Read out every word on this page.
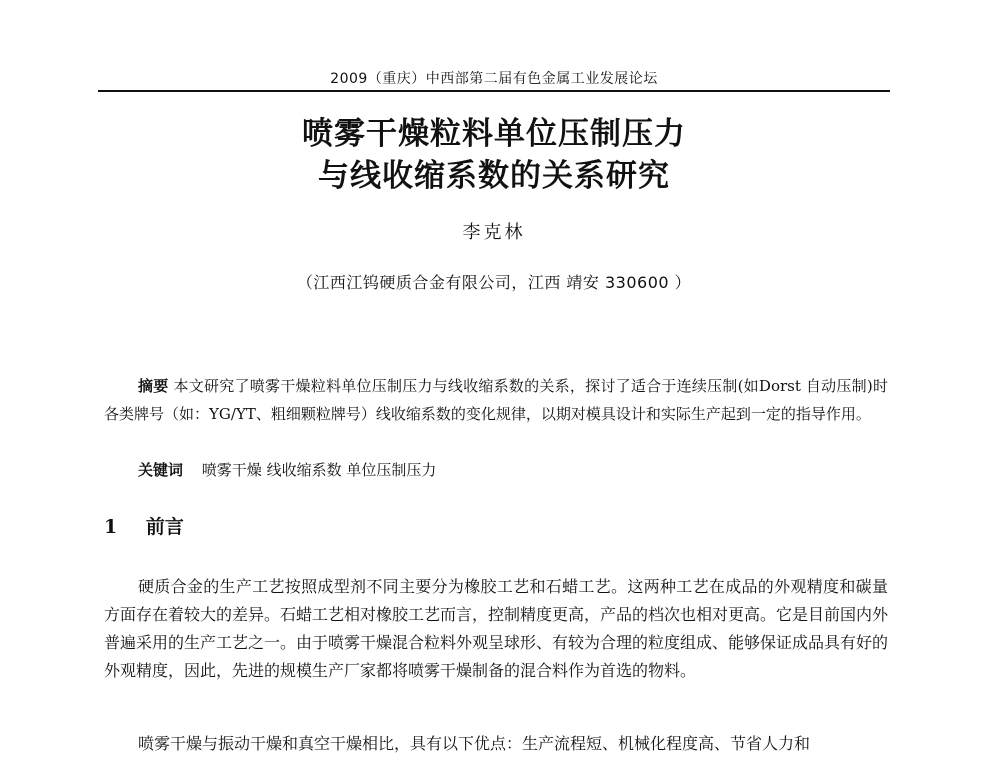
2009（重庆）中西部第二届有色金属工业发展论坛
喷雾干燥粒料单位压制压力
与线收缩系数的关系研究
李克林
（江西江钨硬质合金有限公司，江西 靖安 330600 ）
摘要 本文研究了喷雾干燥粒料单位压制压力与线收缩系数的关系，探讨了适合于连续压制(如Dorst 自动压制)时各类牌号（如：YG/YT、粗细颗粒牌号）线收缩系数的变化规律，以期对模具设计和实际生产起到一定的指导作用。
关键词 喷雾干燥 线收缩系数 单位压制压力
1 前言
硬质合金的生产工艺按照成型剂不同主要分为橡胶工艺和石蜡工艺。这两种工艺在成品的外观精度和碳量方面存在着较大的差异。石蜡工艺相对橡胶工艺而言，控制精度更高，产品的档次也相对更高。它是目前国内外普遍采用的生产工艺之一。由于喷雾干燥混合粒料外观呈球形、有较为合理的粒度组成、能够保证成品具有好的外观精度，因此，先进的规模生产厂家都将喷雾干燥制备的混合料作为首选的物料。
喷雾干燥与振动干燥和真空干燥相比，具有以下优点：生产流程短、机械化程度高、节省人力和
